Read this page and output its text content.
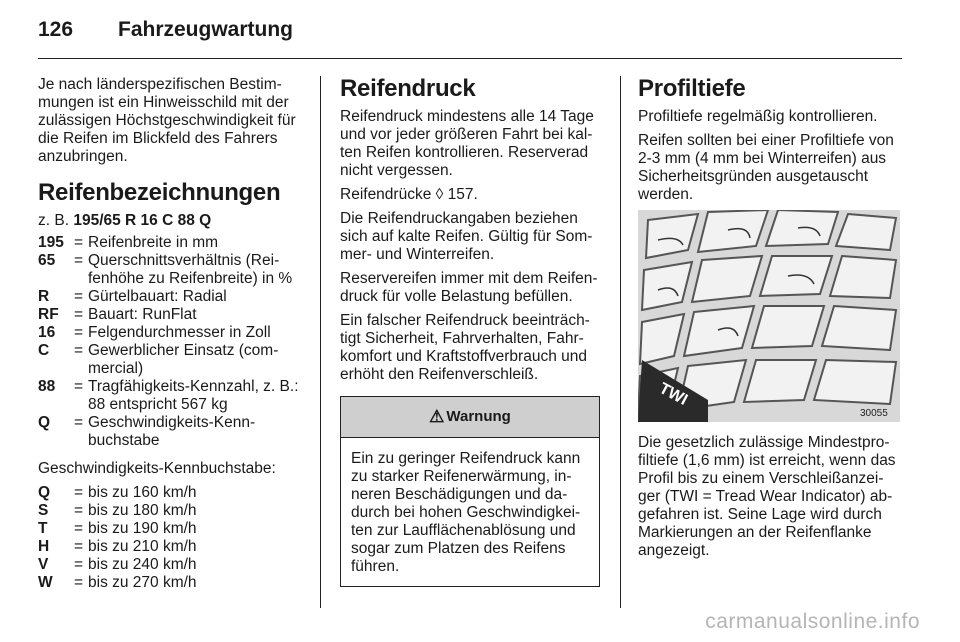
126	Fahrzeugwartung

Je nach länderspezifischen Bestim-mungen ist ein Hinweisschild mit der zulässigen Höchstgeschwindigkeit für die Reifen im Blickfeld des Fahrers anzubringen.

Reifenbezeichnungen

z. B. 195/65 R 16 C 88 Q

195 = Reifenbreite in mm
65	= Querschnittsverhältnis (Rei-fenhöhe zu Reifenbreite) in %
R	= Gürtelbauart: Radial
RF = Bauart: RunFlat
16	= Felgendurchmesser in Zoll
C	= Gewerblicher Einsatz (com-mercial)
88	= Tragfähigkeits-Kennzahl, z. B.: 88 entspricht 567 kg
Q	= Geschwindigkeits-Kenn-buchstabe

Geschwindigkeits-Kennbuchstabe:

Q	= bis zu 160 km/h
S	= bis zu 180 km/h
T	= bis zu 190 km/h
H	= bis zu 210 km/h
V	= bis zu 240 km/h
W	= bis zu 270 km/h
Reifendruck

Reifendruck mindestens alle 14 Tage und vor jeder größeren Fahrt bei kal-ten Reifen kontrollieren. Reserverad nicht vergessen.

Reifendrücke ◊ 157.

Die Reifendruckangaben beziehen sich auf kalte Reifen. Gültig für Som-mer- und Winterreifen.

Reservereifen immer mit dem Reifen-druck für volle Belastung befüllen.

Ein falscher Reifendruck beeinträch-tigt Sicherheit, Fahrverhalten, Fahr-komfort und Kraftstoffverbrauch und erhöht den Reifenverschleiß.

⚠ Warnung
Ein zu geringer Reifendruck kann zu starker Reifenerwärmung, in-neren Beschädigungen und da-durch bei hohen Geschwindigkei-ten zur Laufflächenablösung und sogar zum Platzen des Reifens führen.
Profiltiefe

Profiltiefe regelmäßig kontrollieren.

Reifen sollten bei einer Profiltiefe von 2-3 mm (4 mm bei Winterreifen) aus Sicherheitsgründen ausgetauscht werden.

TWI
30055

Die gesetzlich zulässige Mindestpro-filtiefe (1,6 mm) ist erreicht, wenn das Profil bis zu einem Verschleißanzei-ger (TWI = Tread Wear Indicator) ab-gefahren ist. Seine Lage wird durch Markierungen an der Reifenflanke angezeigt.

carmanualsonline.info
